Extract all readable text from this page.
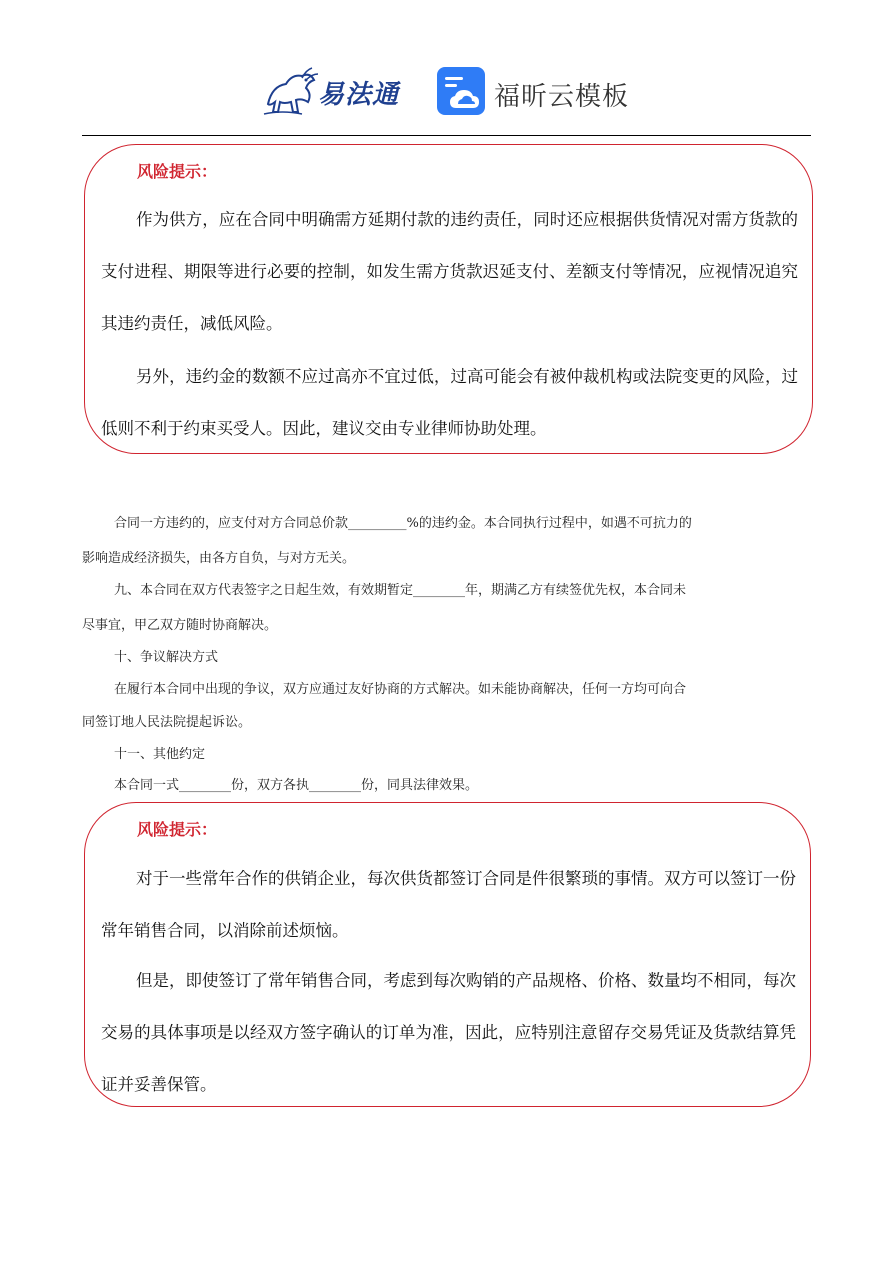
易法通	福昕云模板
风险提示：

作为供方，应在合同中明确需方延期付款的违约责任，同时还应根据供货情况对需方货款的支付进程、期限等进行必要的控制，如发生需方货款迟延支付、差额支付等情况，应视情况追究其违约责任，减低风险。

另外，违约金的数额不应过高亦不宜过低，过高可能会有被仲裁机构或法院变更的风险，过低则不利于约束买受人。因此，建议交由专业律师协助处理。

合同一方违约的，应支付对方合同总价款_________%的违约金。本合同执行过程中，如遇不可抗力的
影响造成经济损失，由各方自负，与对方无关。
九、本合同在双方代表签字之日起生效，有效期暂定________年，期满乙方有续签优先权，本合同未
尽事宜，甲乙双方随时协商解决。
十、争议解决方式
在履行本合同中出现的争议，双方应通过友好协商的方式解决。如未能协商解决，任何一方均可向合
同签订地人民法院提起诉讼。
十一、其他约定
本合同一式________份，双方各执________份，同具法律效果。
风险提示：

对于一些常年合作的供销企业，每次供货都签订合同是件很繁琐的事情。双方可以签订一份常年销售合同，以消除前述烦恼。

但是，即使签订了常年销售合同，考虑到每次购销的产品规格、价格、数量均不相同，每次交易的具体事项是以经双方签字确认的订单为准，因此，应特别注意留存交易凭证及货款结算凭证并妥善保管。
